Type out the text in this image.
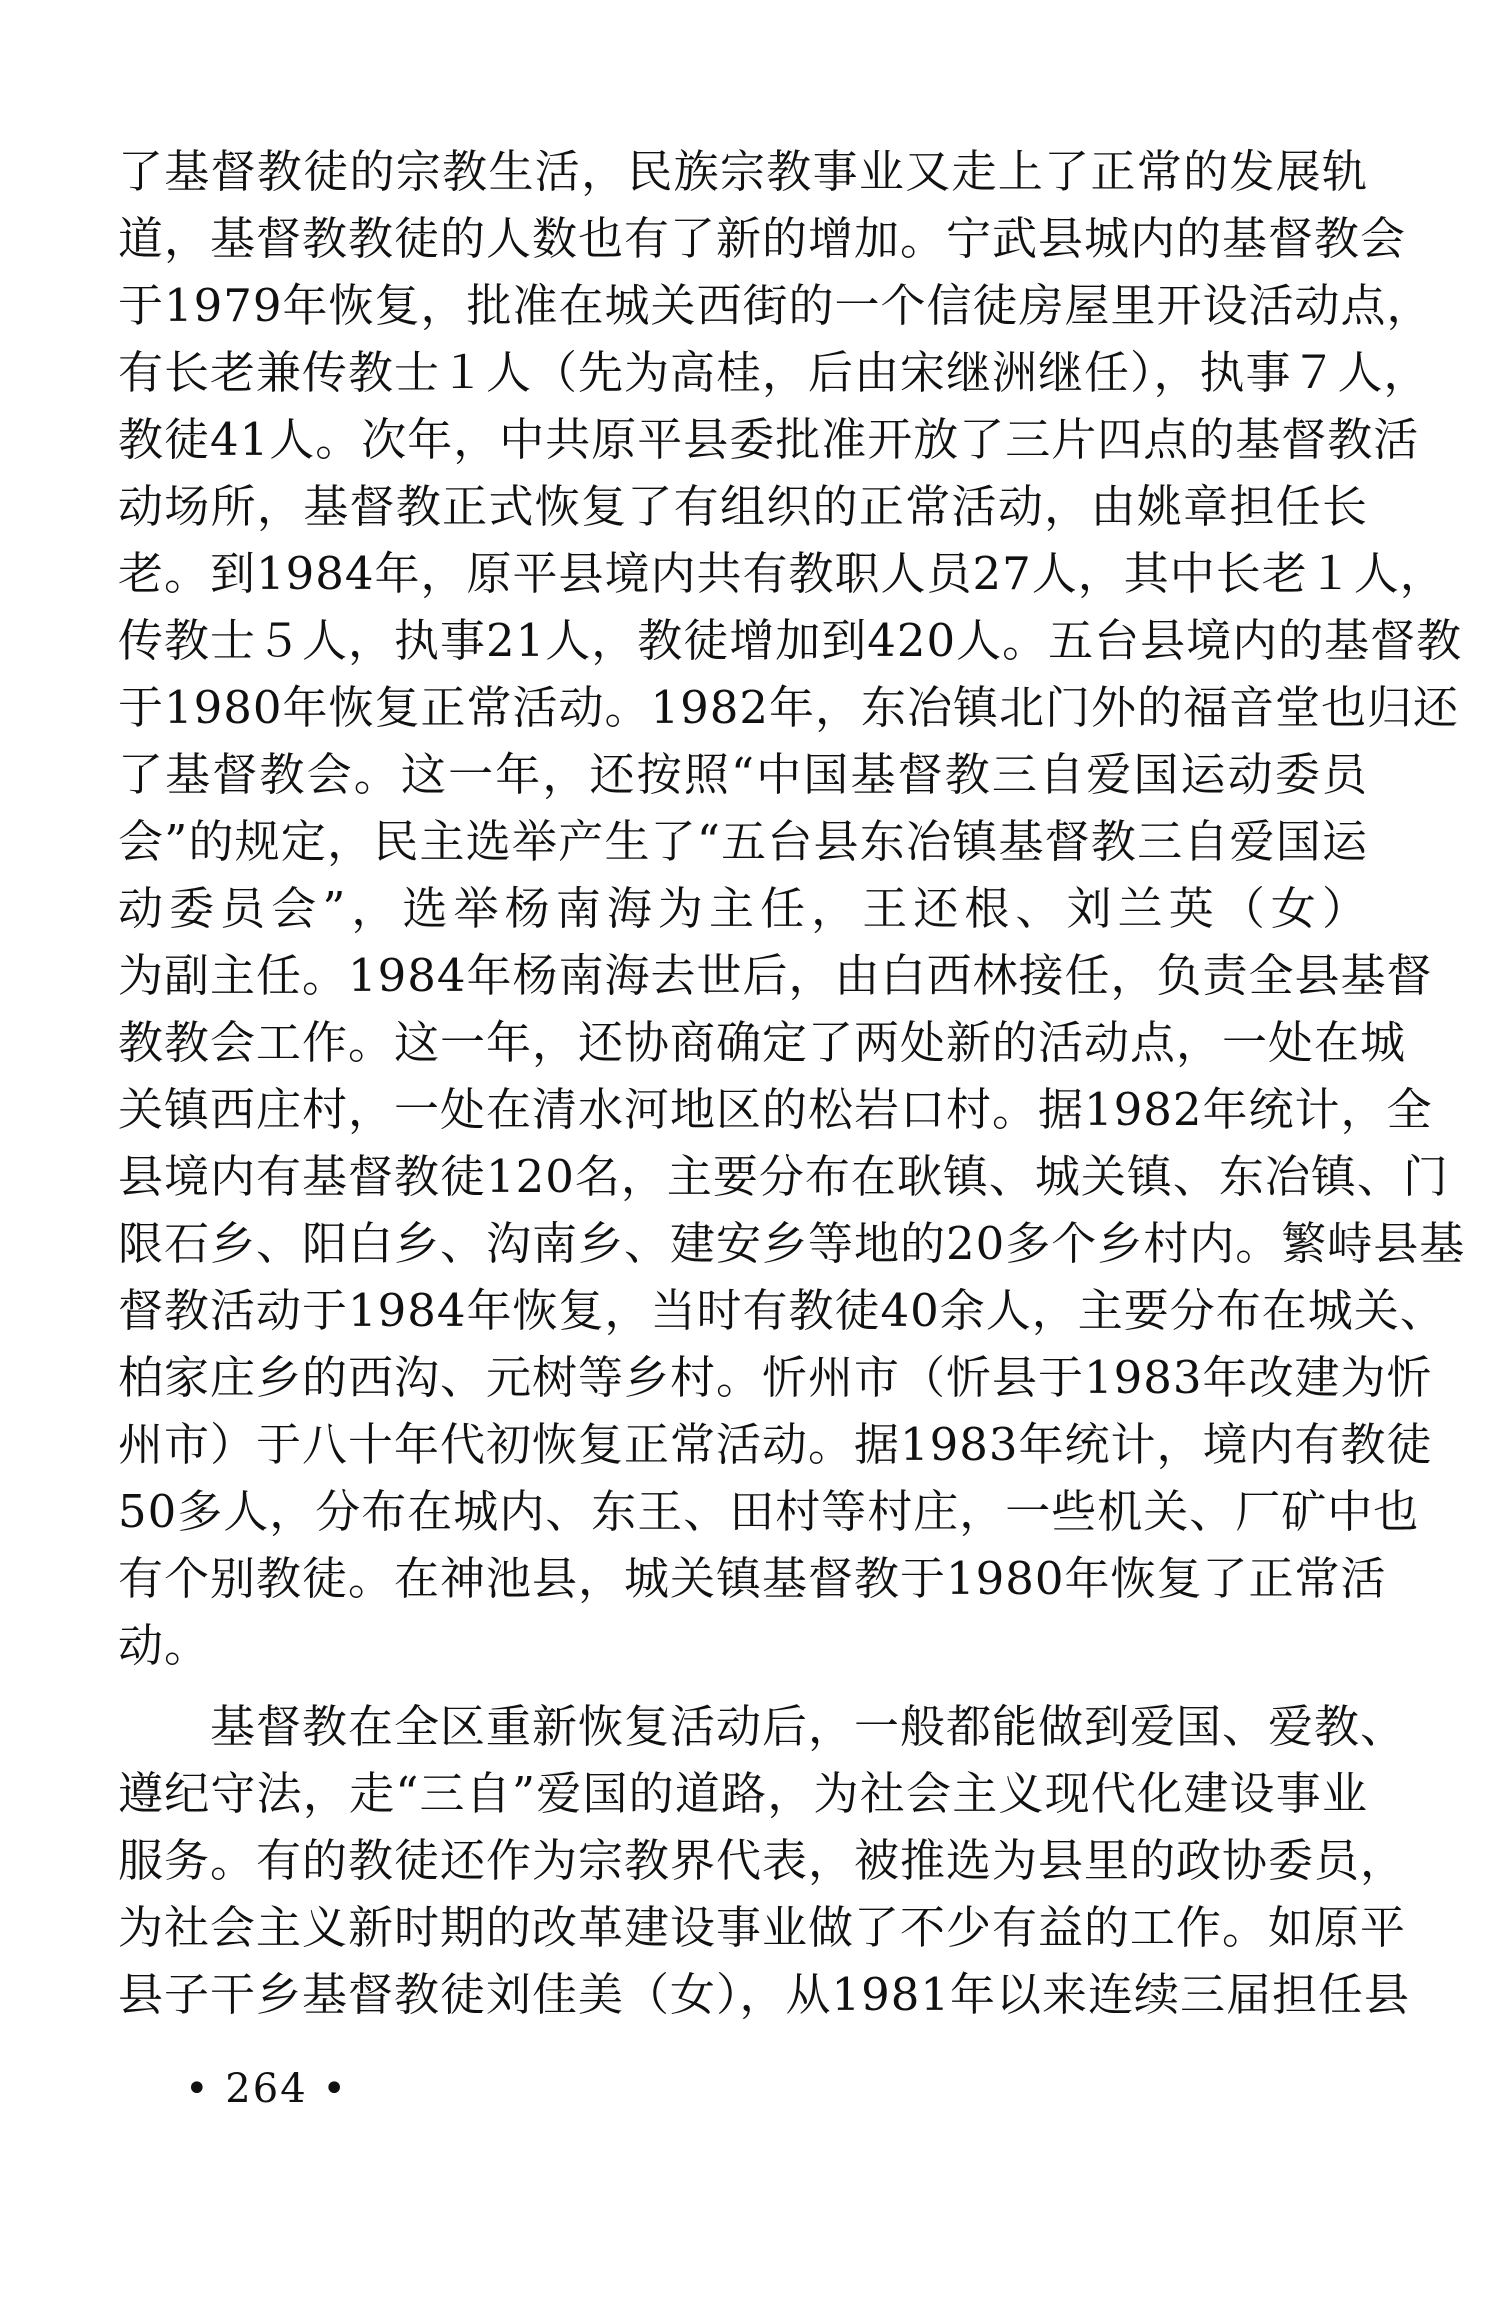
了基督教徒的宗教生活，民族宗教事业又走上了正常的发展轨
道，基督教教徒的人数也有了新的增加。宁武县城内的基督教会
于1979年恢复，批准在城关西街的一个信徒房屋里开设活动点，
有长老兼传教士１人（先为高桂，后由宋继洲继任），执事７人，
教徒41人。次年，中共原平县委批准开放了三片四点的基督教活
动场所，基督教正式恢复了有组织的正常活动，由姚章担任长
老。到1984年，原平县境内共有教职人员27人，其中长老１人，
传教士５人，执事21人，教徒增加到420人。五台县境内的基督教
于1980年恢复正常活动。1982年，东冶镇北门外的福音堂也归还
了基督教会。这一年，还按照“中国基督教三自爱国运动委员
会”的规定，民主选举产生了“五台县东冶镇基督教三自爱国运
动委员会”，选举杨南海为主任，王还根、刘兰英（女）
为副主任。1984年杨南海去世后，由白西林接任，负责全县基督
教教会工作。这一年，还协商确定了两处新的活动点，一处在城
关镇西庄村，一处在清水河地区的松岩口村。据1982年统计，全
县境内有基督教徒120名，主要分布在耿镇、城关镇、东冶镇、门
限石乡、阳白乡、沟南乡、建安乡等地的20多个乡村内。繁峙县基
督教活动于1984年恢复，当时有教徒40余人，主要分布在城关、
柏家庄乡的西沟、元树等乡村。忻州市（忻县于1983年改建为忻
州市）于八十年代初恢复正常活动。据1983年统计，境内有教徒
50多人，分布在城内、东王、田村等村庄，一些机关、厂矿中也
有个别教徒。在神池县，城关镇基督教于1980年恢复了正常活
动。
基督教在全区重新恢复活动后，一般都能做到爱国、爱教、
遵纪守法，走“三自”爱国的道路，为社会主义现代化建设事业
服务。有的教徒还作为宗教界代表，被推选为县里的政协委员，
为社会主义新时期的改革建设事业做了不少有益的工作。如原平
县子干乡基督教徒刘佳美（女），从1981年以来连续三届担任县
• 264 •
